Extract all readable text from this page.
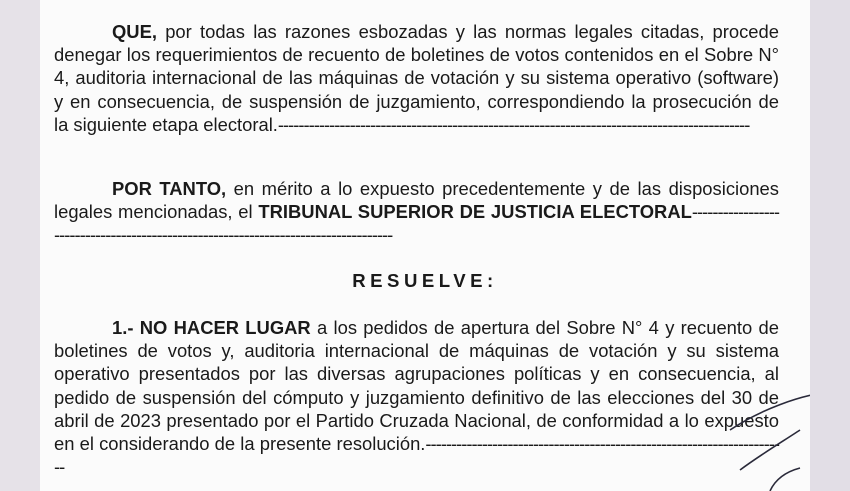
QUE, por todas las razones esbozadas y las normas legales citadas, procede denegar los requerimientos de recuento de boletines de votos contenidos en el Sobre N° 4, auditoria internacional de las máquinas de votación y su sistema operativo (software) y en consecuencia, de suspensión de juzgamiento, correspondiendo la prosecución de la siguiente etapa electoral.--------------------------------------------------------------------------------------------

POR TANTO, en mérito a lo expuesto precedentemente y de las disposiciones legales mencionadas, el TRIBUNAL SUPERIOR DE JUSTICIA ELECTORAL-----------------------------------------------------------------------------------

RESUELVE:

1.- NO HACER LUGAR a los pedidos de apertura del Sobre N° 4 y recuento de boletines de votos y, auditoria internacional de máquinas de votación y su sistema operativo presentados por las diversas agrupaciones políticas y en consecuencia, al pedido de suspensión del cómputo y juzgamiento definitivo de las elecciones del 30 de abril de 2023 presentado por el Partido Cruzada Nacional, de conformidad a lo expuesto en el considerando de la presente resolución.-----------------------------------------------------------------------
